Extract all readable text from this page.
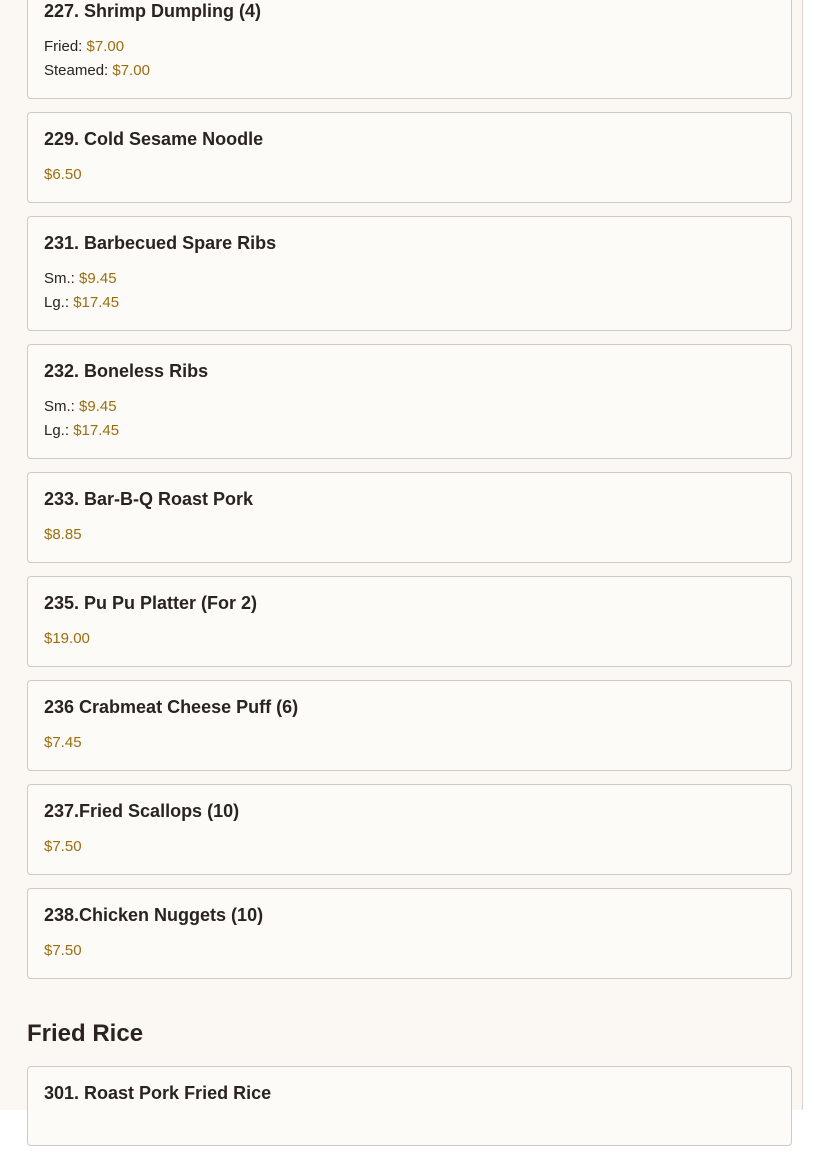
227. Shrimp Dumpling (4)
Fried: $7.00
Steamed: $7.00
229. Cold Sesame Noodle
$6.50
231. Barbecued Spare Ribs
Sm.: $9.45
Lg.: $17.45
232. Boneless Ribs
Sm.: $9.45
Lg.: $17.45
233. Bar-B-Q Roast Pork
$8.85
235. Pu Pu Platter (For 2)
$19.00
236 Crabmeat Cheese Puff (6)
$7.45
237.Fried Scallops (10)
$7.50
238.Chicken Nuggets (10)
$7.50
Fried Rice
301. Roast Pork Fried Rice
